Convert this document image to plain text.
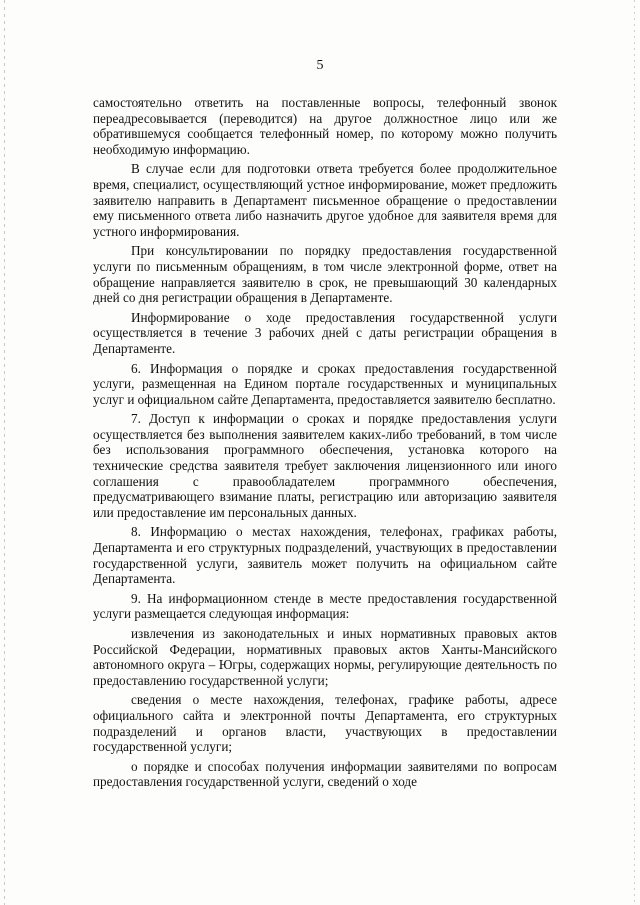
5

самостоятельно ответить на поставленные вопросы, телефонный звонок переадресовывается (переводится) на другое должностное лицо или же обратившемуся сообщается телефонный номер, по которому можно получить необходимую информацию.

В случае если для подготовки ответа требуется более продолжительное время, специалист, осуществляющий устное информирование, может предложить заявителю направить в Департамент письменное обращение о предоставлении ему письменного ответа либо назначить другое удобное для заявителя время для устного информирования.

При консультировании по порядку предоставления государственной услуги по письменным обращениям, в том числе электронной форме, ответ на обращение направляется заявителю в срок, не превышающий 30 календарных дней со дня регистрации обращения в Департаменте.

Информирование о ходе предоставления государственной услуги осуществляется в течение 3 рабочих дней с даты регистрации обращения в Департаменте.

6. Информация о порядке и сроках предоставления государственной услуги, размещенная на Едином портале государственных и муниципальных услуг и официальном сайте Департамента, предоставляется заявителю бесплатно.

7. Доступ к информации о сроках и порядке предоставления услуги осуществляется без выполнения заявителем каких-либо требований, в том числе без использования программного обеспечения, установка которого на технические средства заявителя требует заключения лицензионного или иного соглашения с правообладателем программного обеспечения, предусматривающего взимание платы, регистрацию или авторизацию заявителя или предоставление им персональных данных.

8. Информацию о местах нахождения, телефонах, графиках работы, Департамента и его структурных подразделений, участвующих в предоставлении государственной услуги, заявитель может получить на официальном сайте Департамента.

9. На информационном стенде в месте предоставления государственной услуги размещается следующая информация:

извлечения из законодательных и иных нормативных правовых актов Российской Федерации, нормативных правовых актов Ханты-Мансийского автономного округа – Югры, содержащих нормы, регулирующие деятельность по предоставлению государственной услуги;

сведения о месте нахождения, телефонах, графике работы, адресе официального сайта и электронной почты Департамента, его структурных подразделений и органов власти, участвующих в предоставлении государственной услуги;

о порядке и способах получения информации заявителями по вопросам предоставления государственной услуги, сведений о ходе
